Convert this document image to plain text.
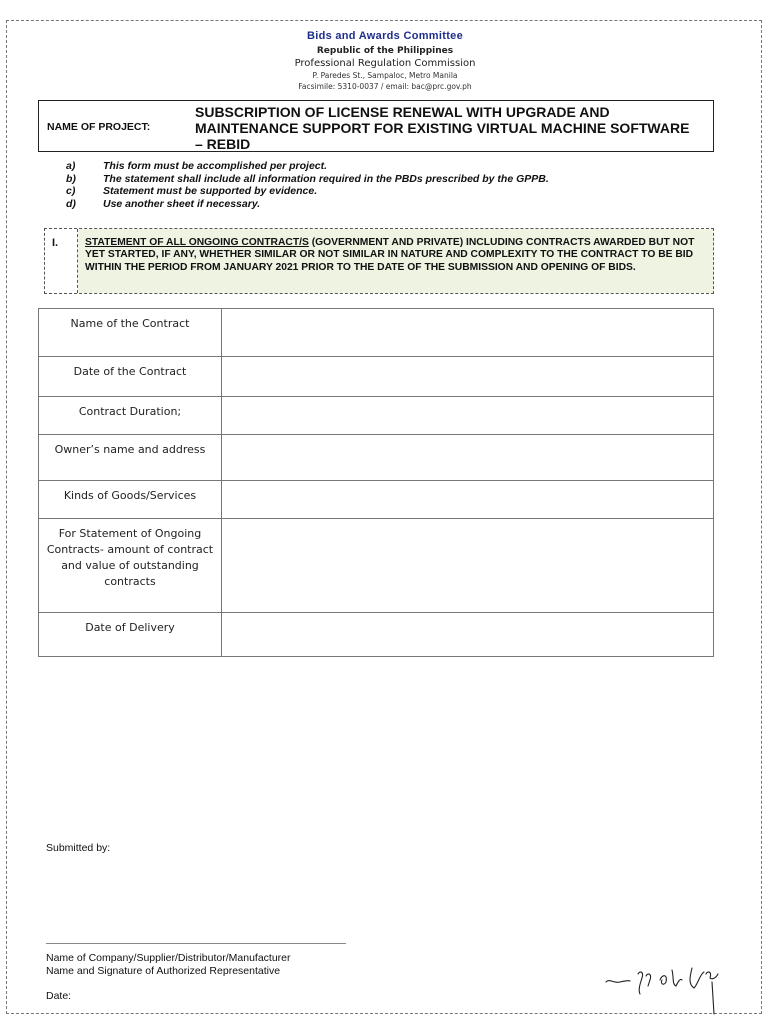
Bids and Awards Committee
Republic of the Philippines
Professional Regulation Commission
P. Paredes St., Sampaloc, Metro Manila
Facsimile: 5310-0037 / email: bac@prc.gov.ph
NAME OF PROJECT:
SUBSCRIPTION OF LICENSE RENEWAL WITH UPGRADE AND MAINTENANCE SUPPORT FOR EXISTING VIRTUAL MACHINE SOFTWARE – REBID
a)	This form must be accomplished per project.
b)	The statement shall include all information required in the PBDs prescribed by the GPPB.
c)	Statement must be supported by evidence.
d)	Use another sheet if necessary.
I.	STATEMENT OF ALL ONGOING CONTRACT/S (GOVERNMENT AND PRIVATE) INCLUDING CONTRACTS AWARDED BUT NOT YET STARTED, IF ANY, WHETHER SIMILAR OR NOT SIMILAR IN NATURE AND COMPLEXITY TO THE CONTRACT TO BE BID WITHIN THE PERIOD FROM JANUARY 2021 PRIOR TO THE DATE OF THE SUBMISSION AND OPENING OF BIDS.
Name of the Contract	
Date of the Contract	
Contract Duration;	
Owner’s name and address	
Kinds of Goods/Services	
For Statement of Ongoing Contracts- amount of contract and value of outstanding contracts	
Date of Delivery	
Submitted by:
Name of Company/Supplier/Distributor/Manufacturer
Name and Signature of Authorized Representative
Date:
